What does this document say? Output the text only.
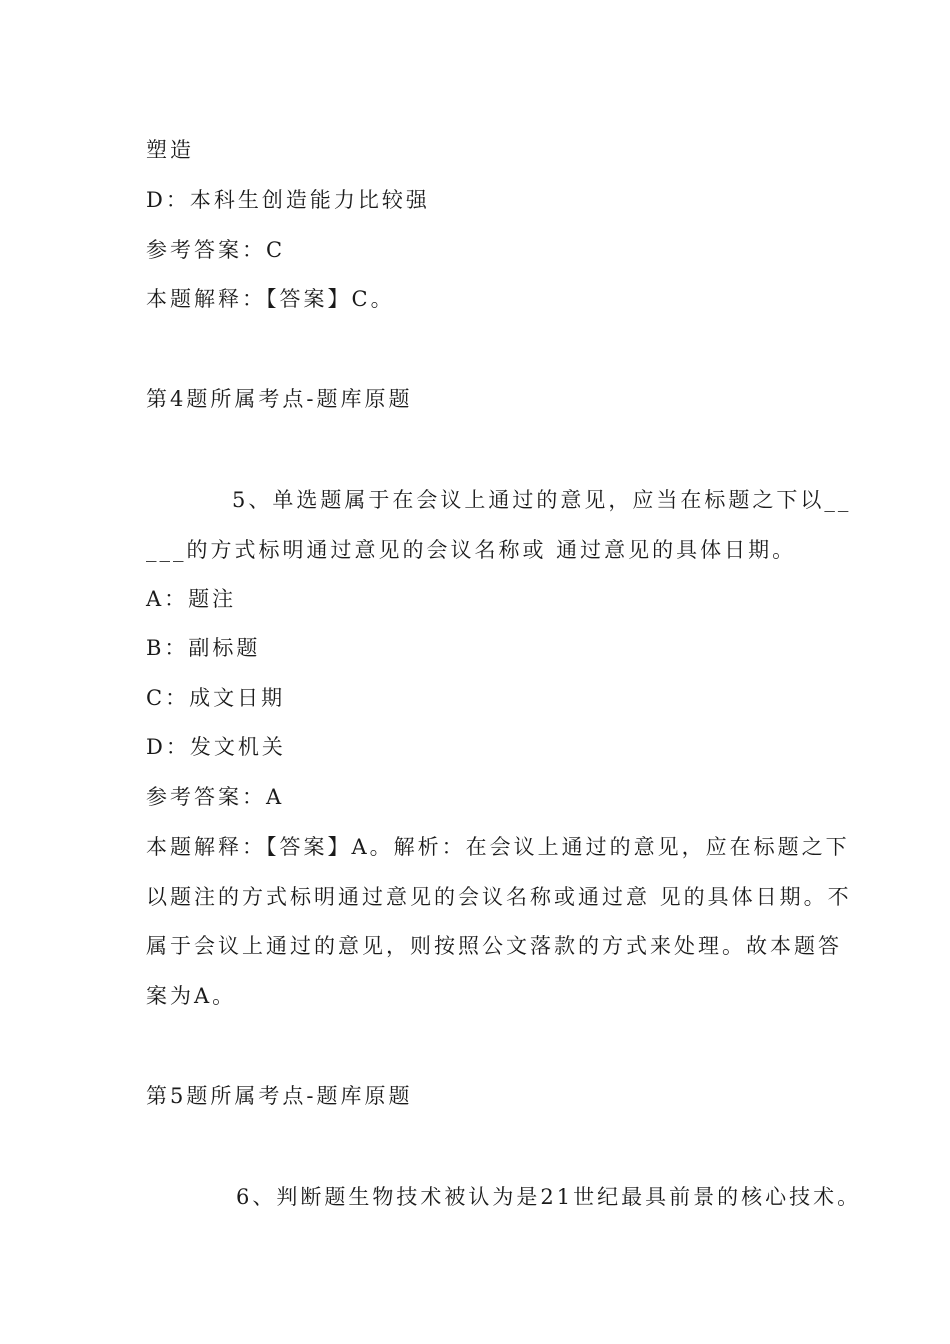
塑造
D：本科生创造能力比较强
参考答案：C
本题解释：【答案】C。
第4题所属考点-题库原题
5、单选题属于在会议上通过的意见，应当在标题之下以__
___的方式标明通过意见的会议名称或 通过意见的具体日期。
A：题注
B：副标题
C：成文日期
D：发文机关
参考答案：A
本题解释：【答案】A。解析：在会议上通过的意见，应在标题之下
以题注的方式标明通过意见的会议名称或通过意 见的具体日期。不
属于会议上通过的意见，则按照公文落款的方式来处理。故本题答
案为A。
第5题所属考点-题库原题
6、判断题生物技术被认为是21世纪最具前景的核心技术。
